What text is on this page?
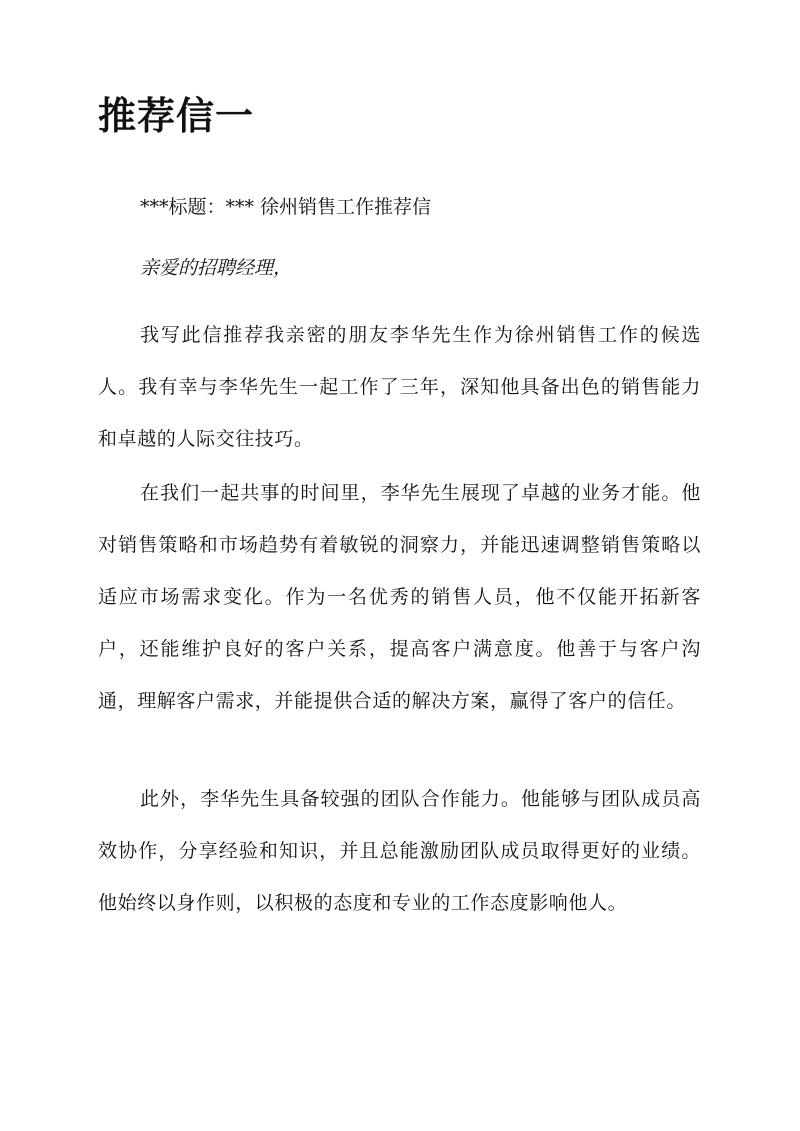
推荐信一

***标题：*** 徐州销售工作推荐信

亲爱的招聘经理，

我写此信推荐我亲密的朋友李华先生作为徐州销售工作的候选人。我有幸与李华先生一起工作了三年，深知他具备出色的销售能力和卓越的人际交往技巧。

在我们一起共事的时间里，李华先生展现了卓越的业务才能。他对销售策略和市场趋势有着敏锐的洞察力，并能迅速调整销售策略以适应市场需求变化。作为一名优秀的销售人员，他不仅能开拓新客户，还能维护良好的客户关系，提高客户满意度。他善于与客户沟通，理解客户需求，并能提供合适的解决方案，赢得了客户的信任。

此外，李华先生具备较强的团队合作能力。他能够与团队成员高效协作，分享经验和知识，并且总能激励团队成员取得更好的业绩。他始终以身作则，以积极的态度和专业的工作态度影响他人。
